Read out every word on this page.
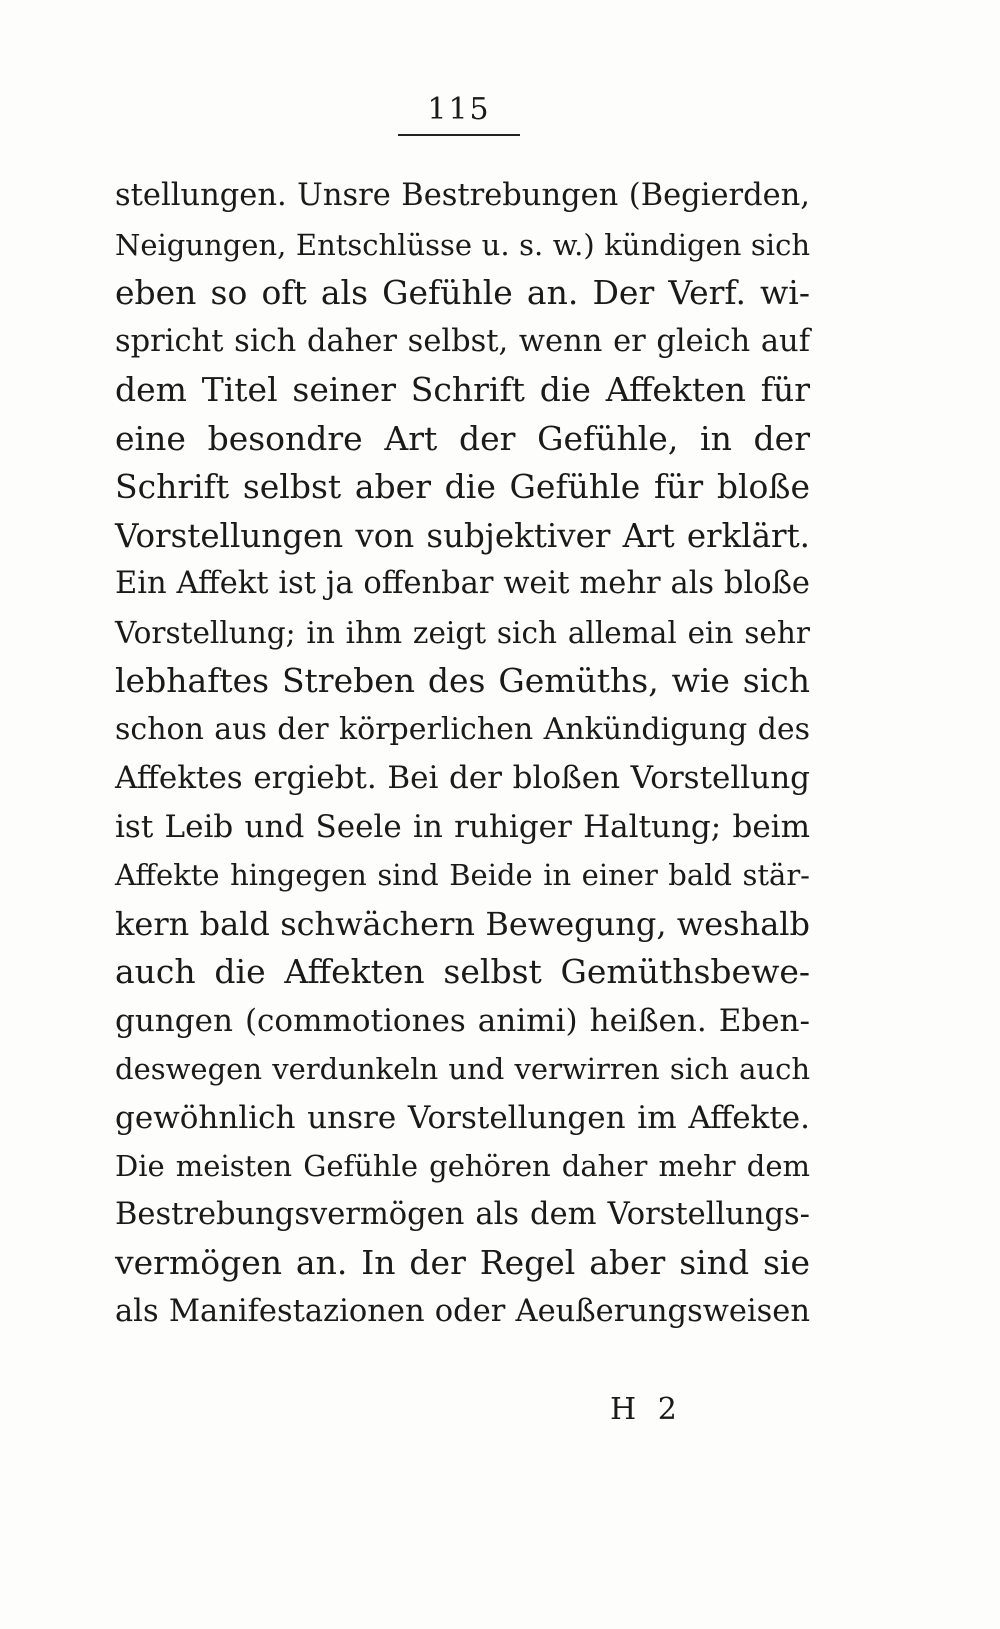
115
stellungen. Unsre Bestrebungen (Begierden,
Neigungen, Entschlüsse u. s. w.) kündigen sich
eben so oft als Gefühle an. Der Verf. wi-
spricht sich daher selbst, wenn er gleich auf
dem Titel seiner Schrift die Affekten für
eine besondre Art der Gefühle, in der
Schrift selbst aber die Gefühle für bloße
Vorstellungen von subjektiver Art erklärt.
Ein Affekt ist ja offenbar weit mehr als bloße
Vorstellung; in ihm zeigt sich allemal ein sehr
lebhaftes Streben des Gemüths, wie sich
schon aus der körperlichen Ankündigung des
Affektes ergiebt. Bei der bloßen Vorstellung
ist Leib und Seele in ruhiger Haltung; beim
Affekte hingegen sind Beide in einer bald stär-
kern bald schwächern Bewegung, weshalb
auch die Affekten selbst Gemüthsbewe-
gungen (commotiones animi) heißen. Eben-
deswegen verdunkeln und verwirren sich auch
gewöhnlich unsre Vorstellungen im Affekte.
Die meisten Gefühle gehören daher mehr dem
Bestrebungsvermögen als dem Vorstellungs-
vermögen an. In der Regel aber sind sie
als Manifestazionen oder Aeußerungsweisen
H 2
